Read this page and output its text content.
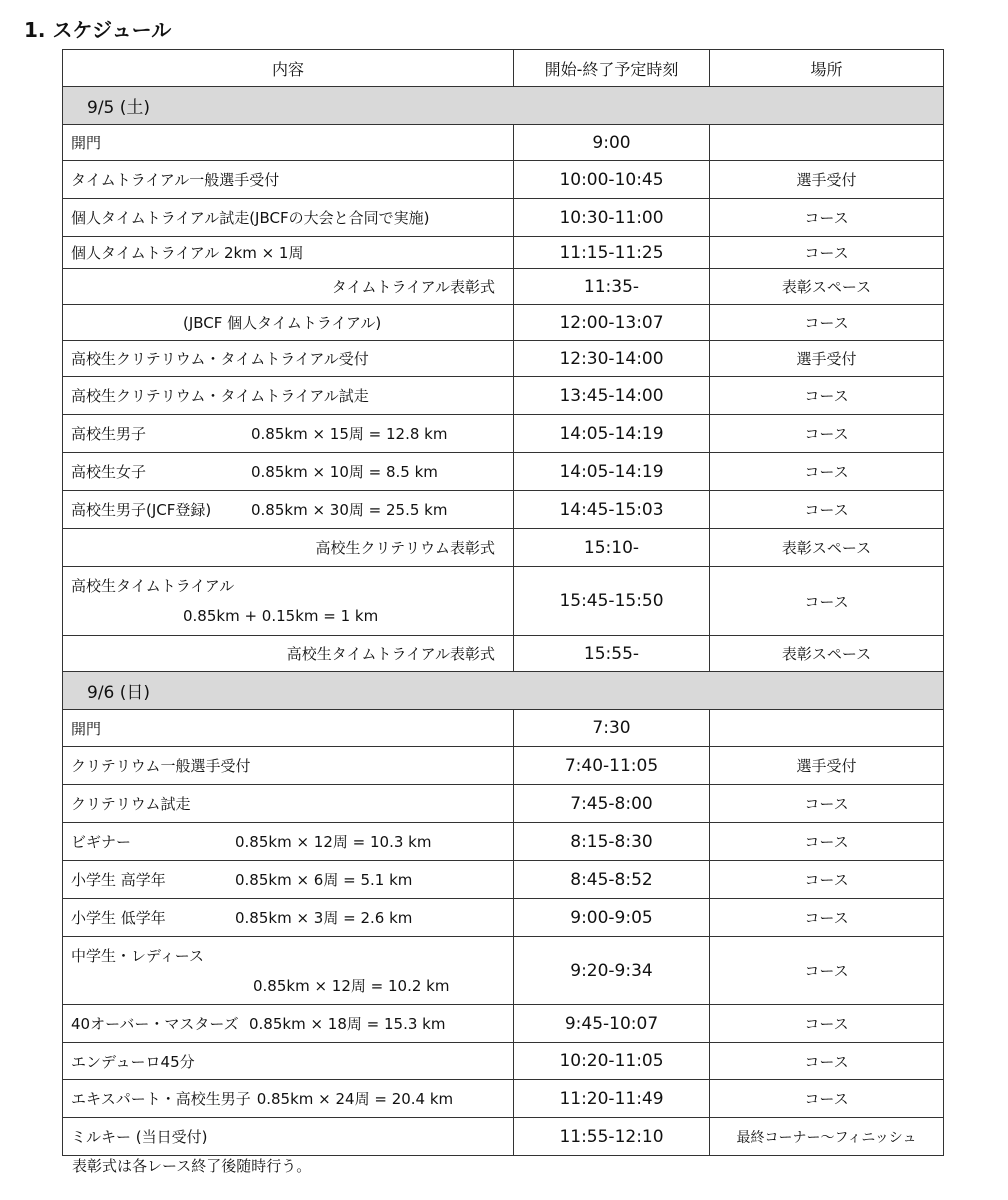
1. スケジュール
内容	開始-終了予定時刻	場所
9/5 (土)		
開門	9:00	
タイムトライアル一般選手受付	10:00-10:45	選手受付
個人タイムトライアル試走(JBCFの大会と合同で実施)	10:30-11:00	コース
個人タイムトライアル 2km × 1周	11:15-11:25	コース
タイムトライアル表彰式	11:35-	表彰スペース
(JBCF 個人タイムトライアル)	12:00-13:07	コース
高校生クリテリウム・タイムトライアル受付	12:30-14:00	選手受付
高校生クリテリウム・タイムトライアル試走	13:45-14:00	コース

高校生男子 0.85km × 15周 = 12.8 km	14:05-14:19	コース

高校生女子 0.85km × 10周 = 8.5 km	14:05-14:19	コース

高校生男子(JCF登録) 0.85km × 30周 = 25.5 km	14:45-15:03	コース
高校生クリテリウム表彰式	15:10-	表彰スペース

高校生タイムトライアル
0.85km + 0.15km = 1 km	15:45-15:50	コース
高校生タイムトライアル表彰式	15:55-	表彰スペース
9/6 (日)		
開門	7:30	
クリテリウム一般選手受付	7:40-11:05	選手受付
クリテリウム試走	7:45-8:00	コース

ビギナー 0.85km × 12周 = 10.3 km	8:15-8:30	コース

小学生 高学年 0.85km × 6周 = 5.1 km	8:45-8:52	コース

小学生 低学年 0.85km × 3周 = 2.6 km	9:00-9:05	コース

中学生・レディース
0.85km × 12周 = 10.2 km	9:20-9:34	コース

40オーバー・マスターズ 0.85km × 18周 = 15.3 km	9:45-10:07	コース
エンデューロ45分	10:20-11:05	コース

エキスパート・高校生男子 0.85km × 24周 = 20.4 km	11:20-11:49	コース
ミルキー (当日受付)	11:55-12:10	最終コーナー～フィニッシュ

表彰式は各レース終了後随時行う。
